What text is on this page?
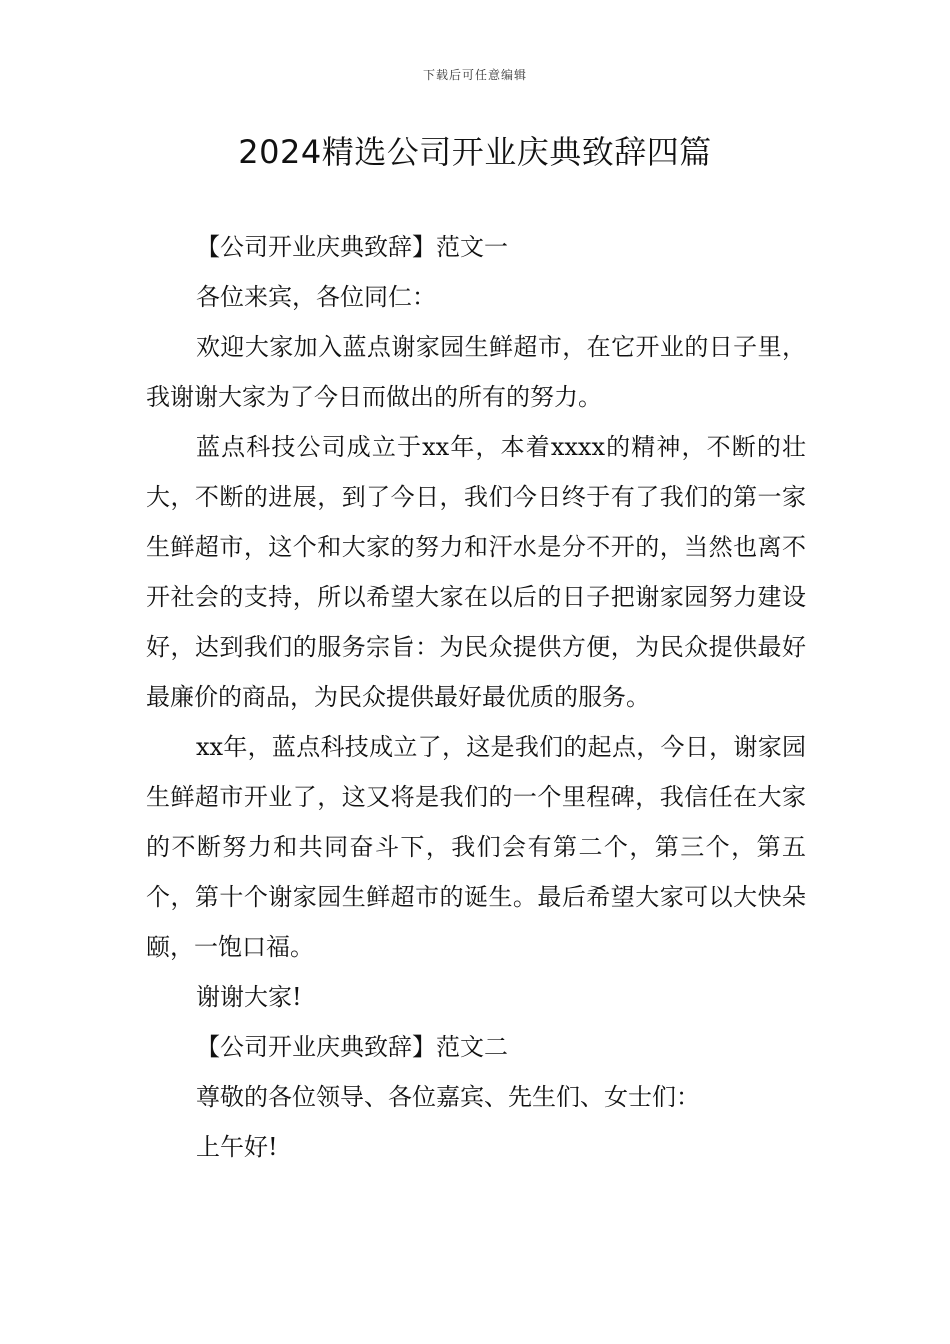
下载后可任意编辑
2024精选公司开业庆典致辞四篇

【公司开业庆典致辞】范文一

各位来宾，各位同仁：

欢迎大家加入蓝点谢家园生鲜超市，在它开业的日子里，我谢谢大家为了今日而做出的所有的努力。

蓝点科技公司成立于xx年，本着xxxx的精神，不断的壮大，不断的进展，到了今日，我们今日终于有了我们的第一家生鲜超市，这个和大家的努力和汗水是分不开的，当然也离不开社会的支持，所以希望大家在以后的日子把谢家园努力建设好，达到我们的服务宗旨：为民众提供方便，为民众提供最好最廉价的商品，为民众提供最好最优质的服务。

xx年，蓝点科技成立了，这是我们的起点，今日，谢家园生鲜超市开业了，这又将是我们的一个里程碑，我信任在大家的不断努力和共同奋斗下，我们会有第二个，第三个，第五个，第十个谢家园生鲜超市的诞生。最后希望大家可以大快朵颐，一饱口福。

谢谢大家!

【公司开业庆典致辞】范文二

尊敬的各位领导、各位嘉宾、先生们、女士们：

上午好!
